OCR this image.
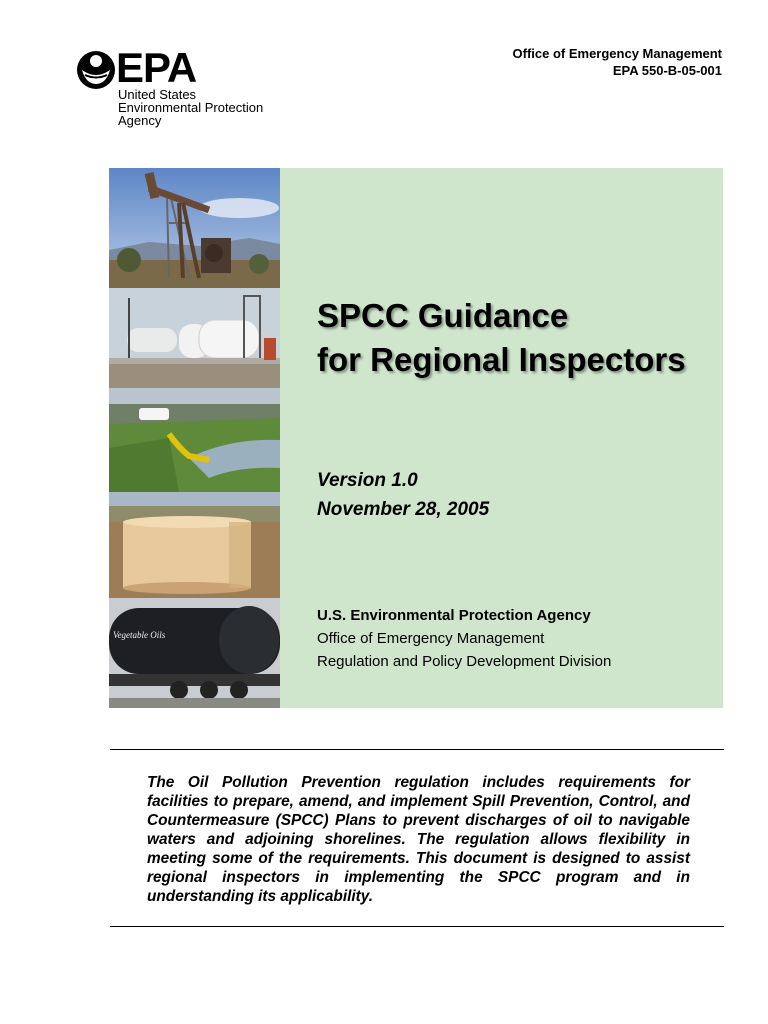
EPA
United States
Environmental Protection
Agency
Office of Emergency Management
EPA 550-B-05-001
Vegetable Oils
SPCC Guidance
for Regional Inspectors
Version 1.0
November 28, 2005
U.S. Environmental Protection Agency
Office of Emergency Management
Regulation and Policy Development Division
The Oil Pollution Prevention regulation includes requirements for facilities to prepare, amend, and implement Spill Prevention, Control, and Countermeasure (SPCC) Plans to prevent discharges of oil to navigable waters and adjoining shorelines. The regulation allows flexibility in meeting some of the requirements. This document is designed to assist regional inspectors in implementing the SPCC program and in understanding its applicability.
